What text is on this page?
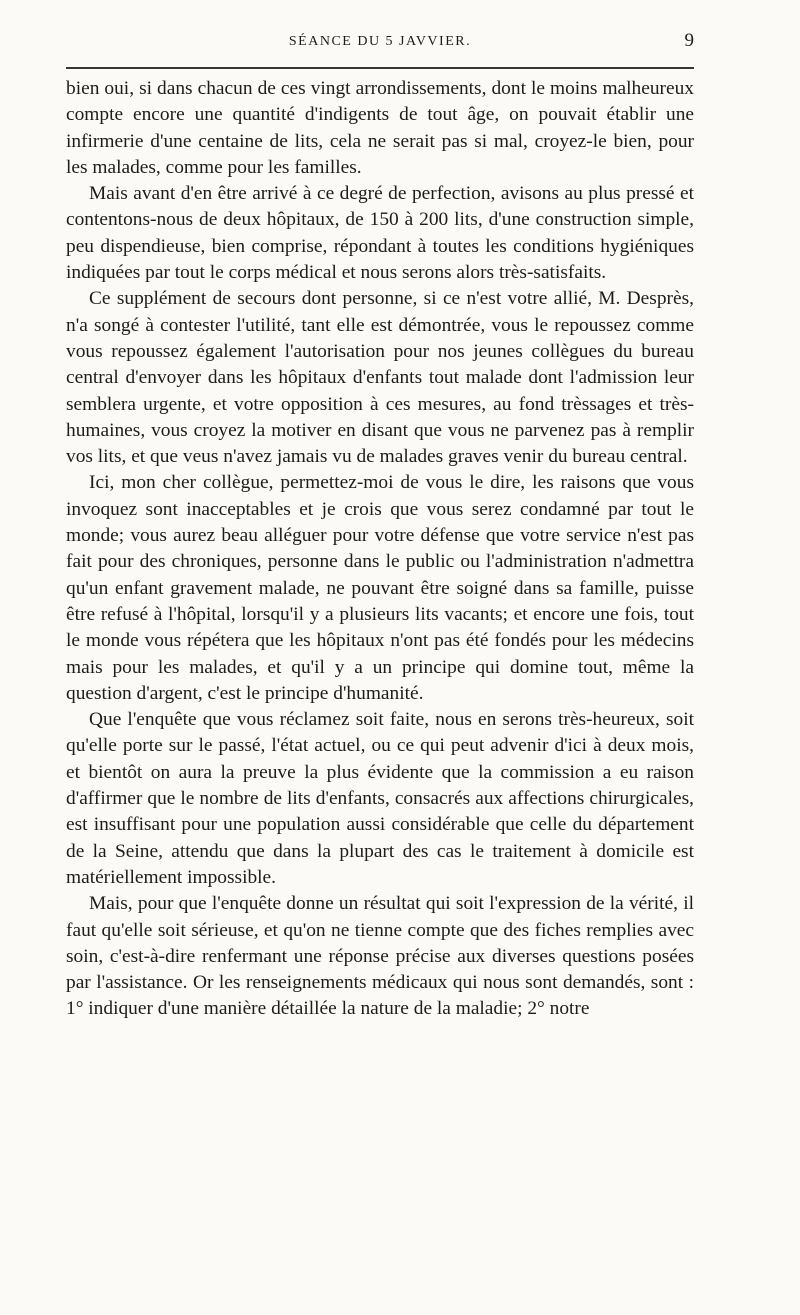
SÉANCE DU 5 JAVVIER.	9

bien oui, si dans chacun de ces vingt arrondissements, dont le moins malheureux compte encore une quantité d'indigents de tout âge, on pouvait établir une infirmerie d'une centaine de lits, cela ne serait pas si mal, croyez-le bien, pour les malades, comme pour les familles.

Mais avant d'en être arrivé à ce degré de perfection, avisons au plus pressé et contentons-nous de deux hôpitaux, de 150 à 200 lits, d'une construction simple, peu dispendieuse, bien comprise, répondant à toutes les conditions hygiéniques indiquées par tout le corps médical et nous serons alors très-satisfaits.

Ce supplément de secours dont personne, si ce n'est votre allié, M. Desprès, n'a songé à contester l'utilité, tant elle est démontrée, vous le repoussez comme vous repoussez également l'autorisation pour nos jeunes collègues du bureau central d'envoyer dans les hôpitaux d'enfants tout malade dont l'admission leur semblera urgente, et votre opposition à ces mesures, au fond trèssages et très-humaines, vous croyez la motiver en disant que vous ne parvenez pas à remplir vos lits, et que veus n'avez jamais vu de malades graves venir du bureau central.

Ici, mon cher collègue, permettez-moi de vous le dire, les raisons que vous invoquez sont inacceptables et je crois que vous serez condamné par tout le monde; vous aurez beau alléguer pour votre défense que votre service n'est pas fait pour des chroniques, personne dans le public ou l'administration n'admettra qu'un enfant gravement malade, ne pouvant être soigné dans sa famille, puisse être refusé à l'hôpital, lorsqu'il y a plusieurs lits vacants; et encore une fois, tout le monde vous répétera que les hôpitaux n'ont pas été fondés pour les médecins mais pour les malades, et qu'il y a un principe qui domine tout, même la question d'argent, c'est le principe d'humanité.

Que l'enquête que vous réclamez soit faite, nous en serons très-heureux, soit qu'elle porte sur le passé, l'état actuel, ou ce qui peut advenir d'ici à deux mois, et bientôt on aura la preuve la plus évidente que la commission a eu raison d'affirmer que le nombre de lits d'enfants, consacrés aux affections chirurgicales, est insuffisant pour une population aussi considérable que celle du département de la Seine, attendu que dans la plupart des cas le traitement à domicile est matériellement impossible.

Mais, pour que l'enquête donne un résultat qui soit l'expression de la vérité, il faut qu'elle soit sérieuse, et qu'on ne tienne compte que des fiches remplies avec soin, c'est-à-dire renfermant une réponse précise aux diverses questions posées par l'assistance. Or les renseignements médicaux qui nous sont demandés, sont : 1° indiquer d'une manière détaillée la nature de la maladie; 2° notre
